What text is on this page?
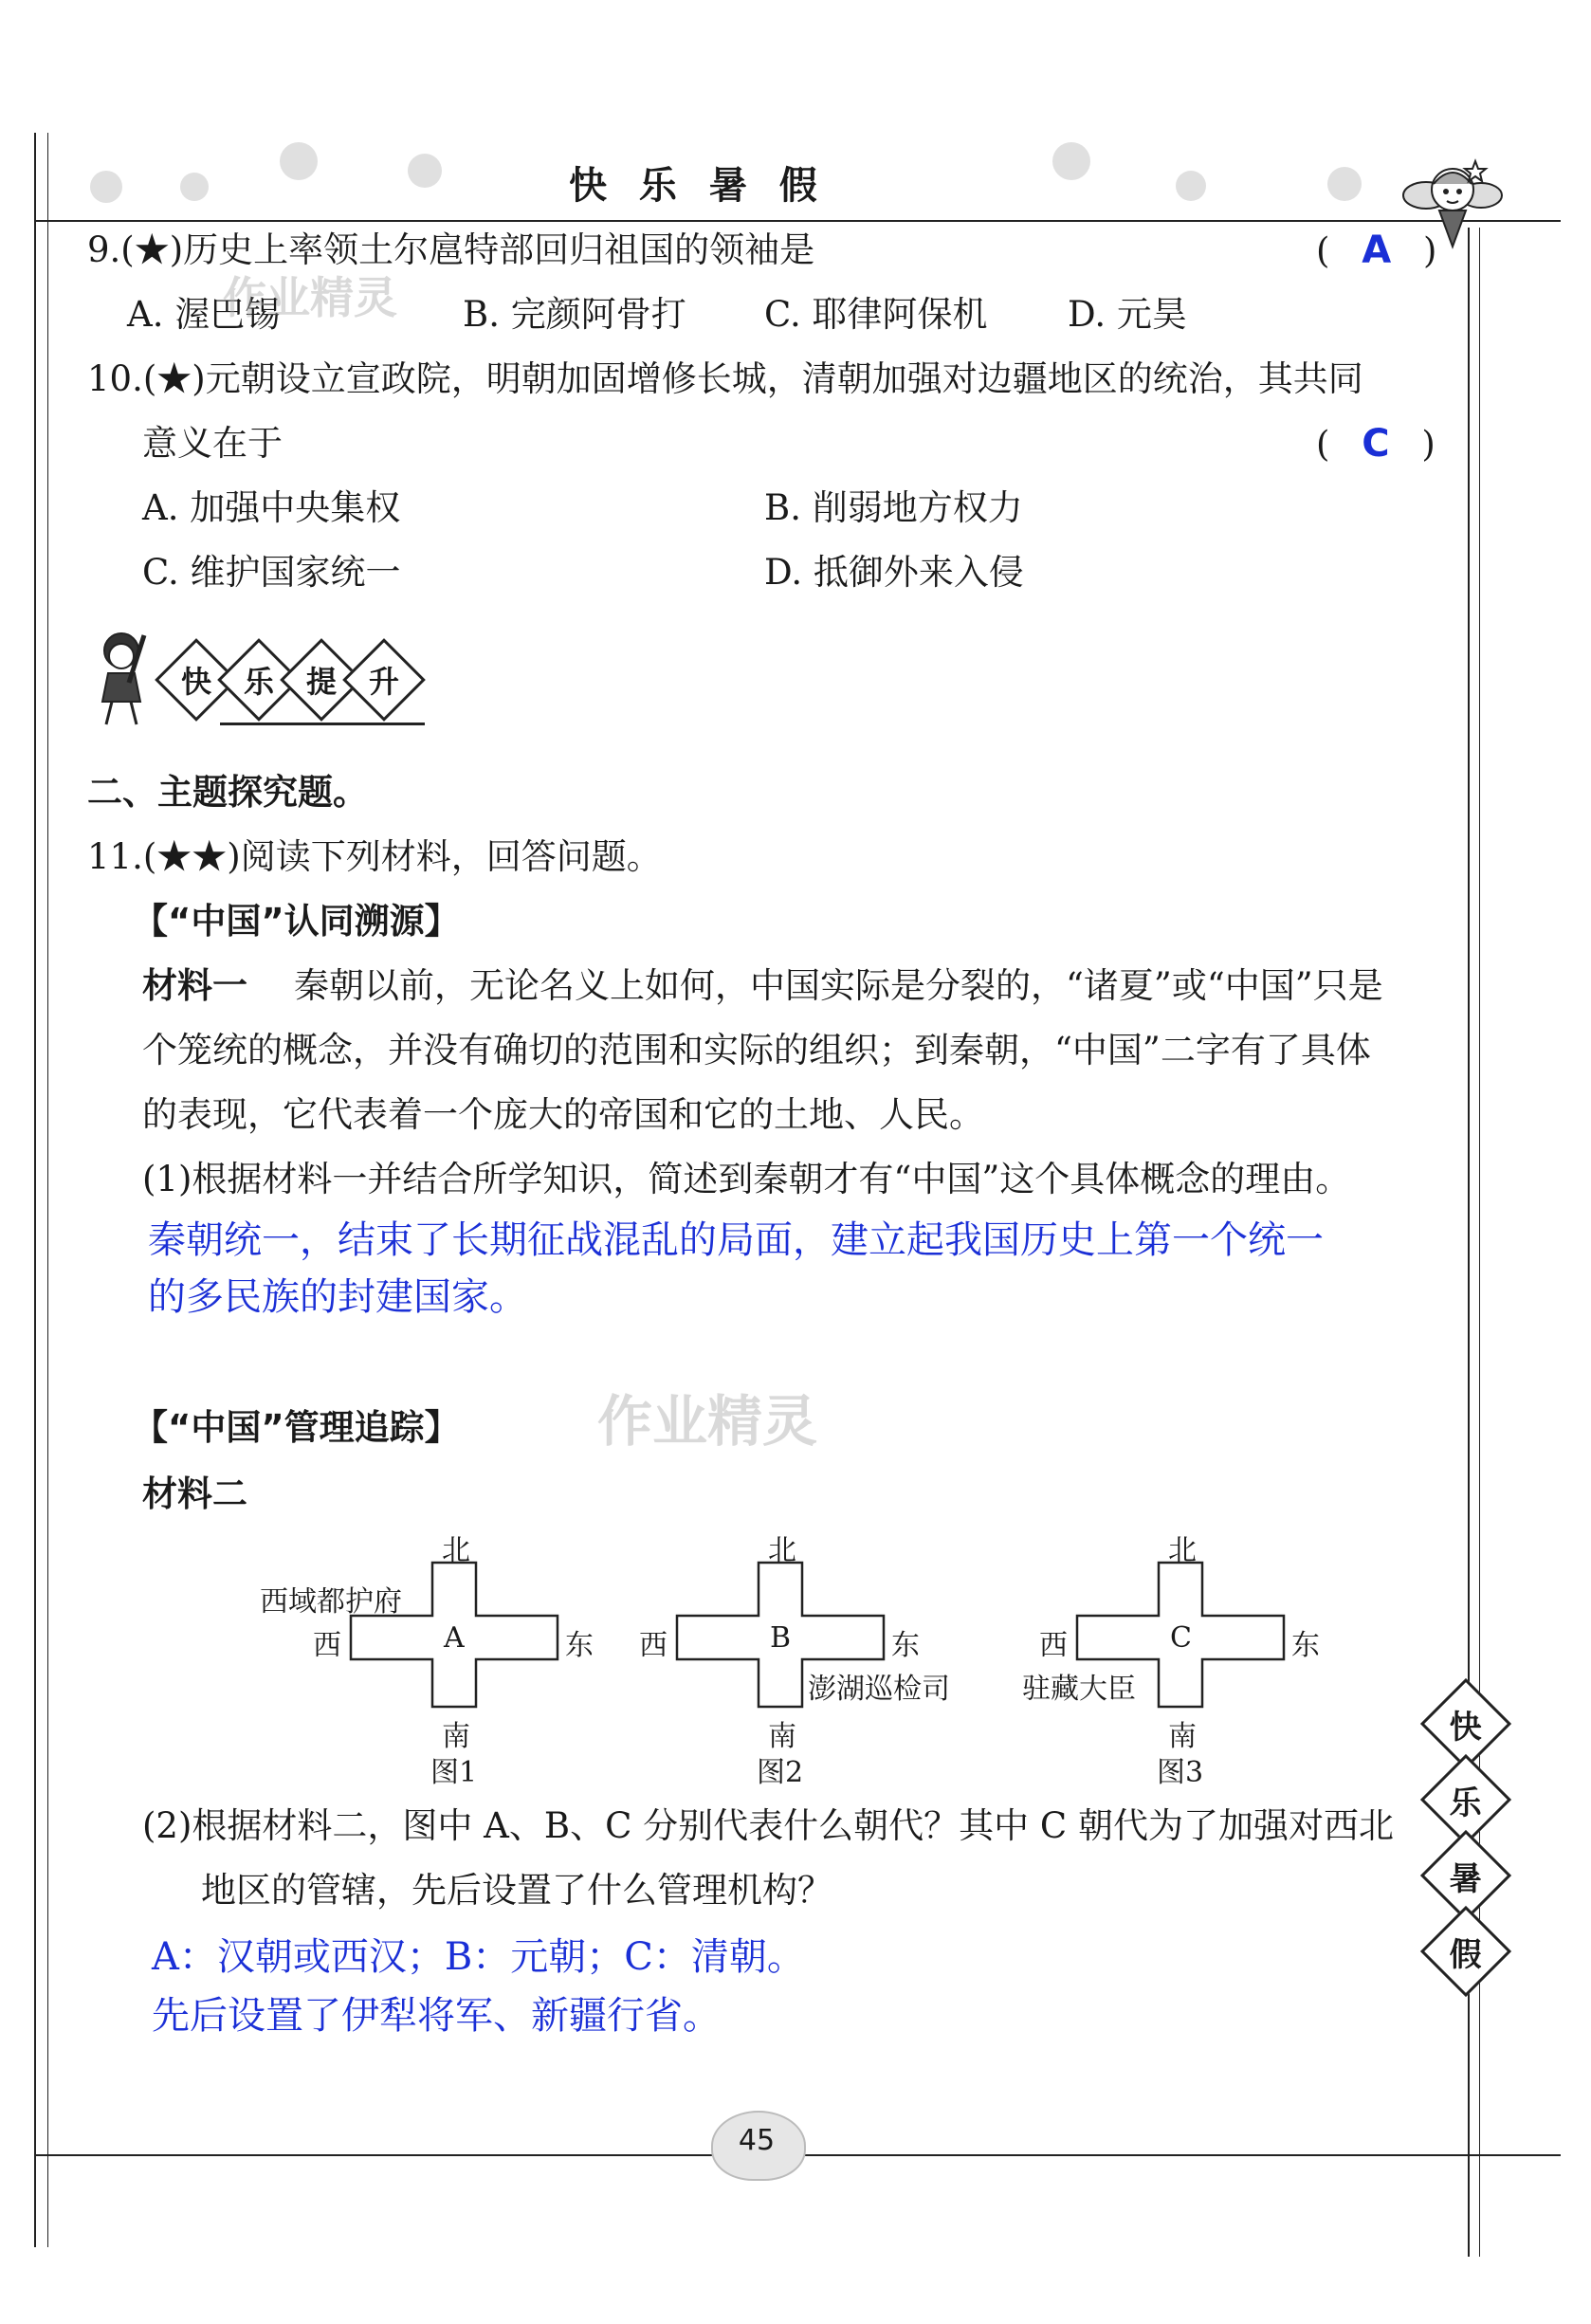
快 乐 暑 假
9.(★)历史上率领土尔扈特部回归祖国的领袖是	( A )
A. 渥巴锡	B. 完颜阿骨打 C. 耶律阿保机 D. 元昊
作业精灵
10.(★)元朝设立宣政院，明朝加固增修长城，清朝加强对边疆地区的统治，其共同
意义在于	( C )
A. 加强中央集权	B. 削弱地方权力
C. 维护国家统一	D. 抵御外来入侵
快 乐 提 升
二、主题探究题。
11.(★★)阅读下列材料，回答问题。
【“中国”认同溯源】
材料一 秦朝以前，无论名义上如何，中国实际是分裂的，“诸夏”或“中国”只是
个笼统的概念，并没有确切的范围和实际的组织；到秦朝，“中国”二字有了具体
的表现，它代表着一个庞大的帝国和它的土地、人民。
(1)根据材料一并结合所学知识，简述到秦朝才有“中国”这个具体概念的理由。
秦朝统一，结束了长期征战混乱的局面，建立起我国历史上第一个统一
的多民族的封建国家。
作业精灵
【“中国”管理追踪】
材料二
北
南
西	东
A
西域都护府
图1
北
南
西	东
B
澎湖巡检司
图2
北
南
西	东
C
驻藏大臣
图3
(2)根据材料二，图中 A、B、C 分别代表什么朝代？其中 C 朝代为了加强对西北
地区的管辖，先后设置了什么管理机构？
A：汉朝或西汉；B：元朝；C：清朝。
先后设置了伊犁将军、新疆行省。
快
乐
暑
假
45
